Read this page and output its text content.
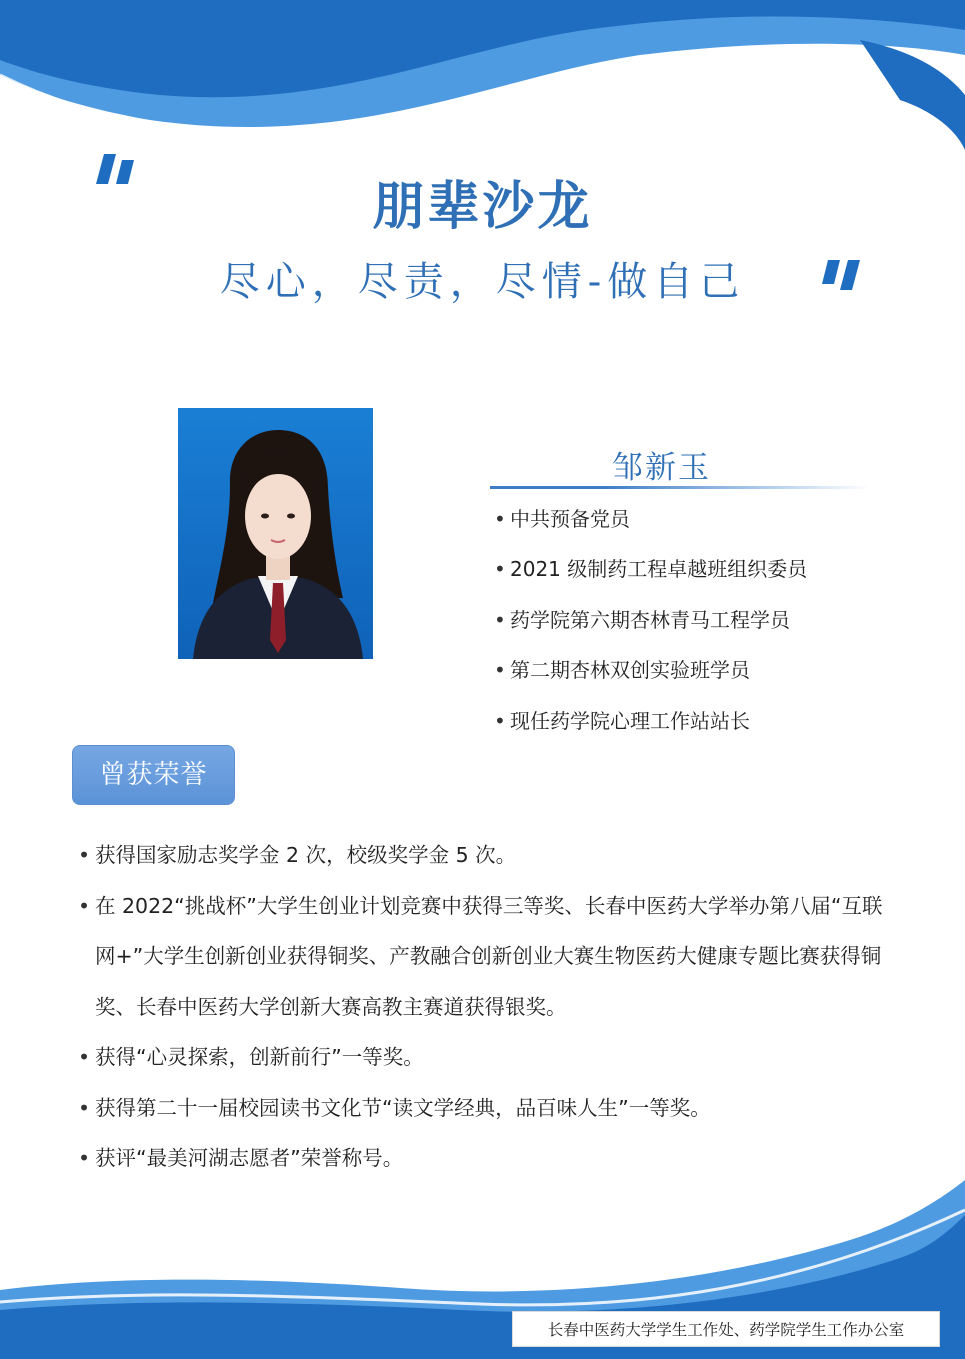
朋辈沙龙
尽心，尽责，尽情-做自己
邹新玉
• 中共预备党员
• 2021 级制药工程卓越班组织委员
• 药学院第六期杏林青马工程学员
• 第二期杏林双创实验班学员
• 现任药学院心理工作站站长
曾获荣誉
• 获得国家励志奖学金 2 次，校级奖学金 5 次。
• 在 2022“挑战杯”大学生创业计划竞赛中获得三等奖、长春中医药大学举办第八届“互联网+”大学生创新创业获得铜奖、产教融合创新创业大赛生物医药大健康专题比赛获得铜奖、长春中医药大学创新大赛高教主赛道获得银奖。
• 获得“心灵探索，创新前行”一等奖。
• 获得第二十一届校园读书文化节“读文学经典，品百味人生”一等奖。
• 获评“最美河湖志愿者”荣誉称号。
长春中医药大学学生工作处、药学院学生工作办公室
